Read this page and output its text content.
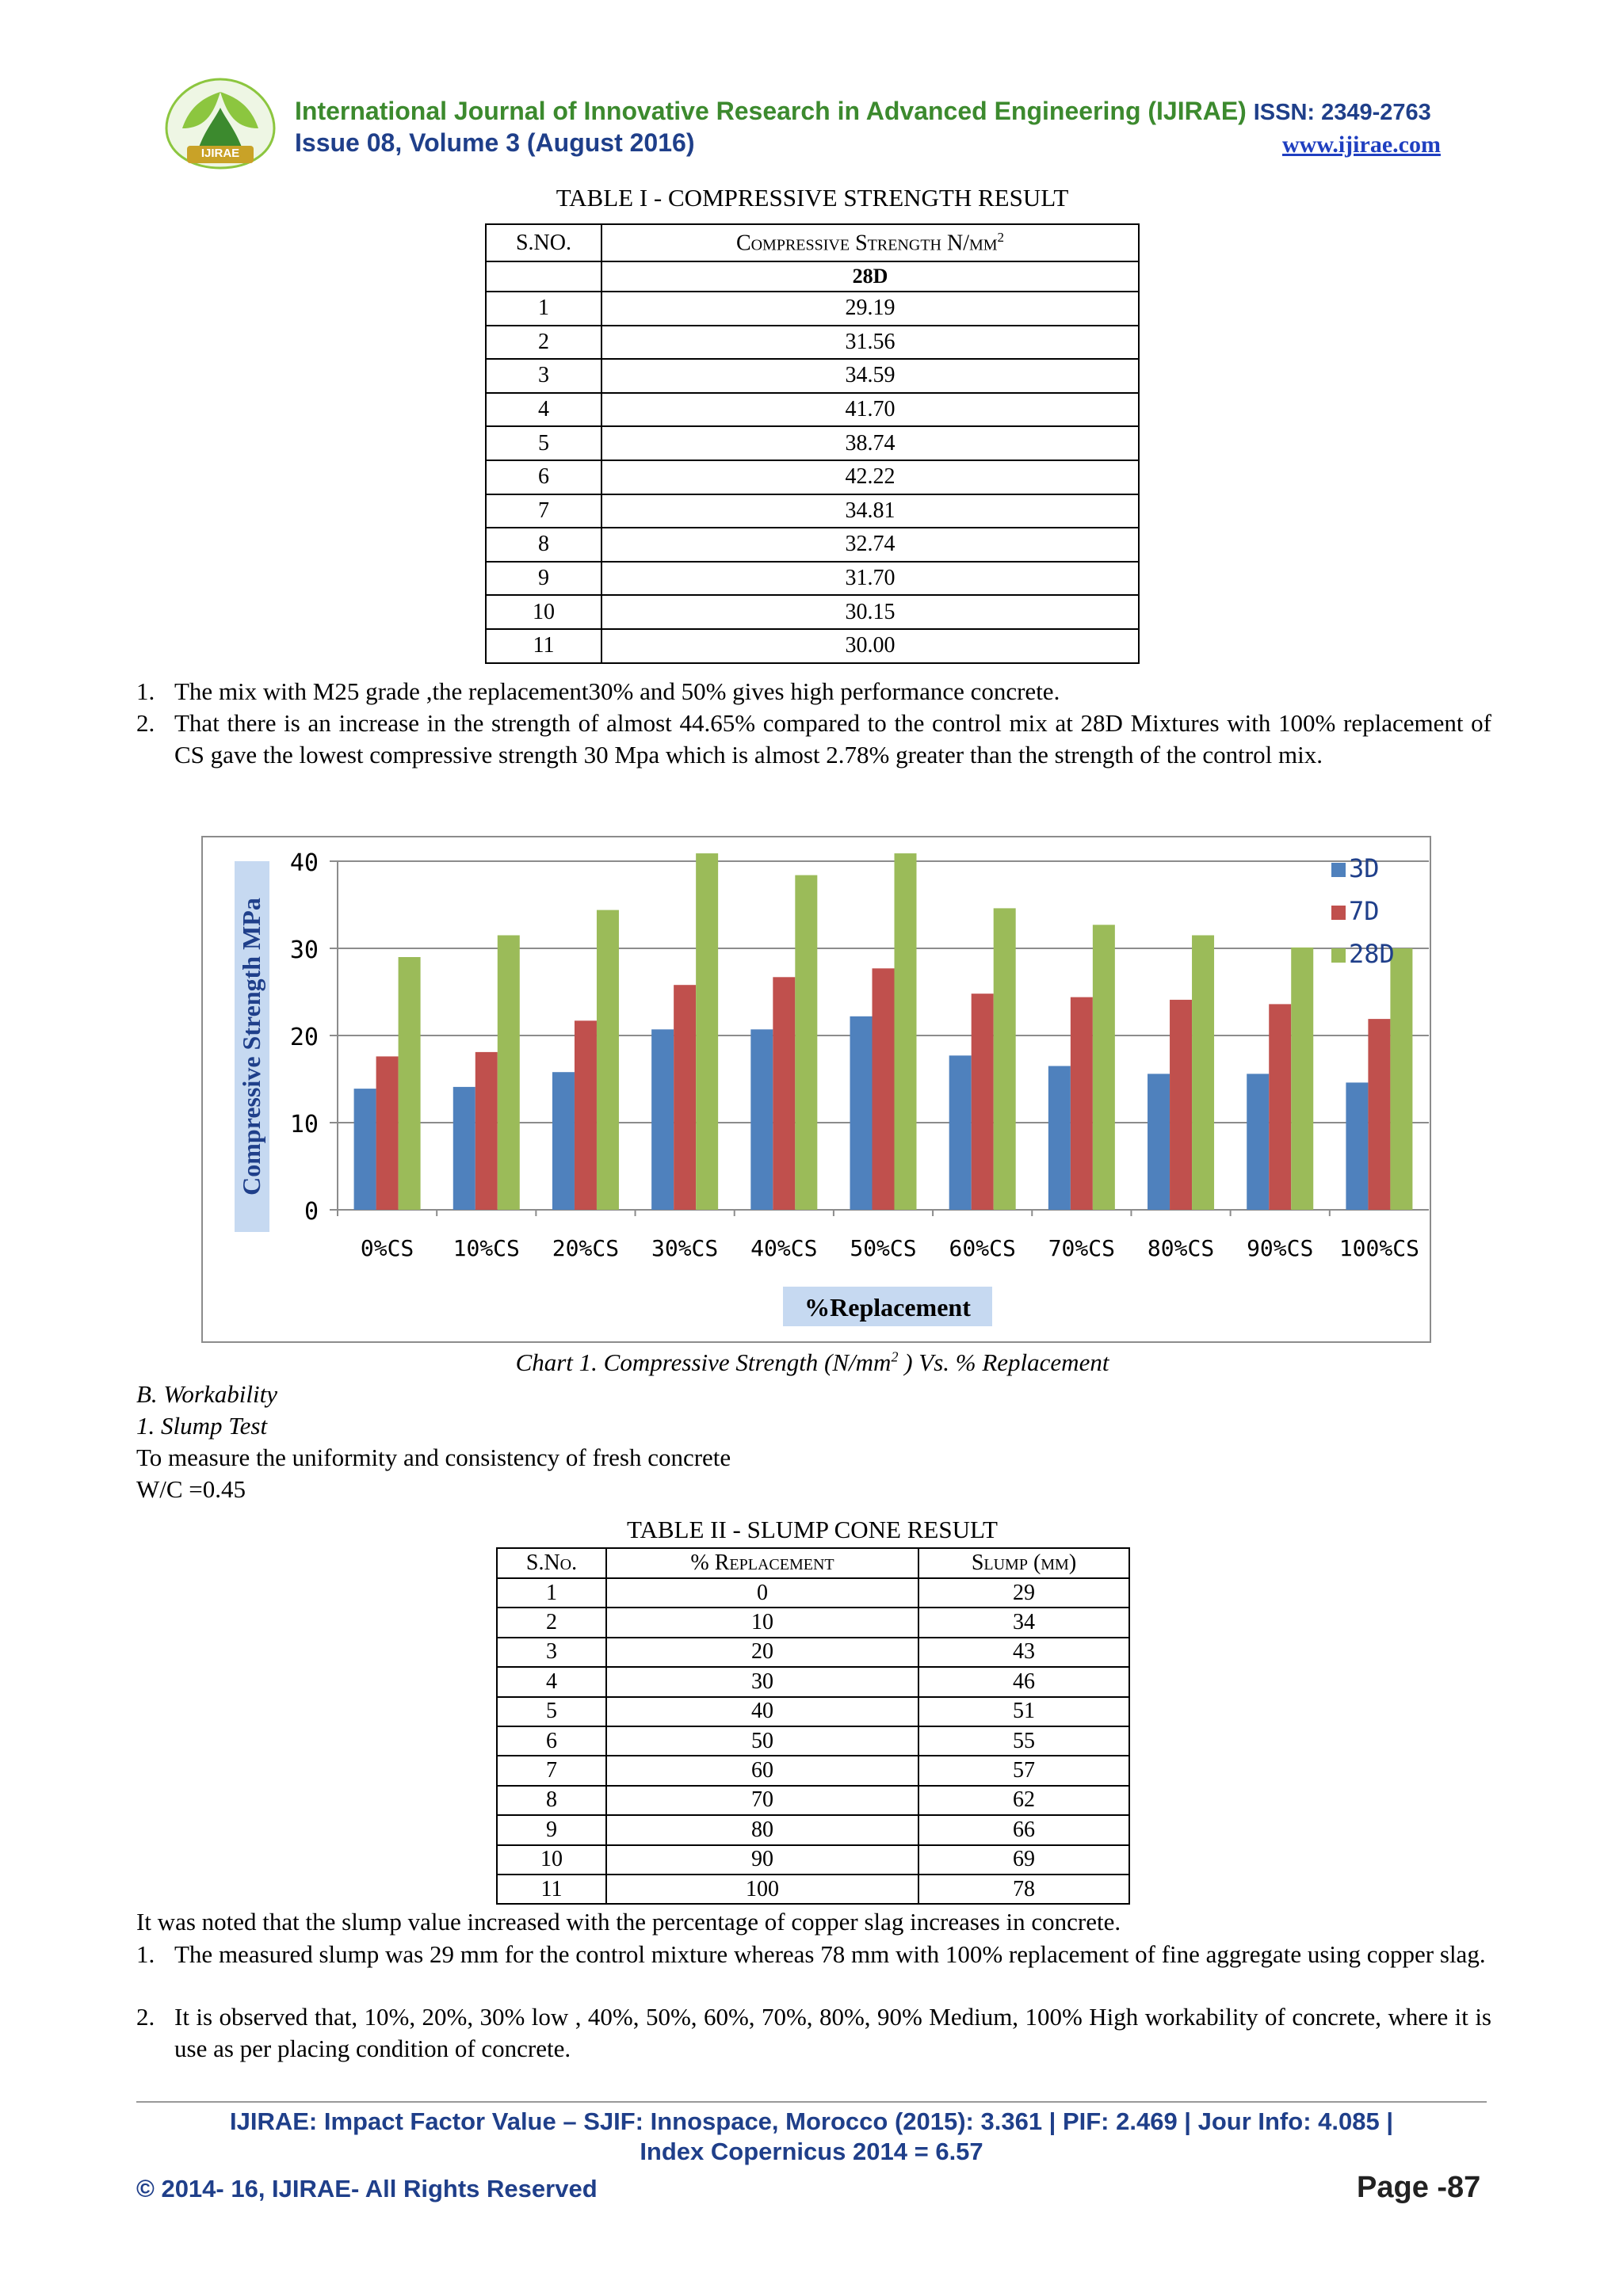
IJIRAE
International Journal of Innovative Research in Advanced Engineering (IJIRAE) ISSN: 2349-2763
Issue 08, Volume 3 (August 2016)	www.ijirae.com
TABLE I - COMPRESSIVE STRENGTH RESULT
S.NO.	Compressive Strength $N/mm^2$
	28D
1	29.19
2	31.56
3	34.59
4	41.70
5	38.74
6	42.22
7	34.81
8	32.74
9	31.70
10	30.15
11	30.00
1. The mix with M25 grade ,the replacement30% and 50% gives high performance concrete.
2. That there is an increase in the strength of almost 44.65% compared to the control mix at 28D Mixtures with 100% replacement of CS gave the lowest compressive strength 30 Mpa which is almost 2.78% greater than the strength of the control mix.
Compressive Strength MPa
0
10
20
30
40
0%CS 10%CS 20%CS 30%CS 40%CS 50%CS 60%CS 70%CS 80%CS 90%CS 100%CS
%Replacement
3D
7D
28D
Chart 1. Compressive Strength ($N/mm^2$ ) Vs. % Replacement
B. Workability
1. Slump Test
To measure the uniformity and consistency of fresh concrete
W/C =0.45
TABLE II - SLUMP CONE RESULT
S.No.	% Replacement	Slump (mm)
1	0	29
2	10	34
3	20	43
4	30	46
5	40	51
6	50	55
7	60	57
8	70	62
9	80	66
10	90	69
11	100	78
It was noted that the slump value increased with the percentage of copper slag increases in concrete.
1. The measured slump was 29 mm for the control mixture whereas 78 mm with 100% replacement of fine aggregate using copper slag.
2. It is observed that, 10%, 20%, 30% low , 40%, 50%, 60%, 70%, 80%, 90% Medium, 100% High workability of concrete, where it is use as per placing condition of concrete.
IJIRAE: Impact Factor Value – SJIF: Innospace, Morocco (2015): 3.361 | PIF: 2.469 | Jour Info: 4.085 |
Index Copernicus 2014 = 6.57
© 2014- 16, IJIRAE- All Rights Reserved	Page -87
